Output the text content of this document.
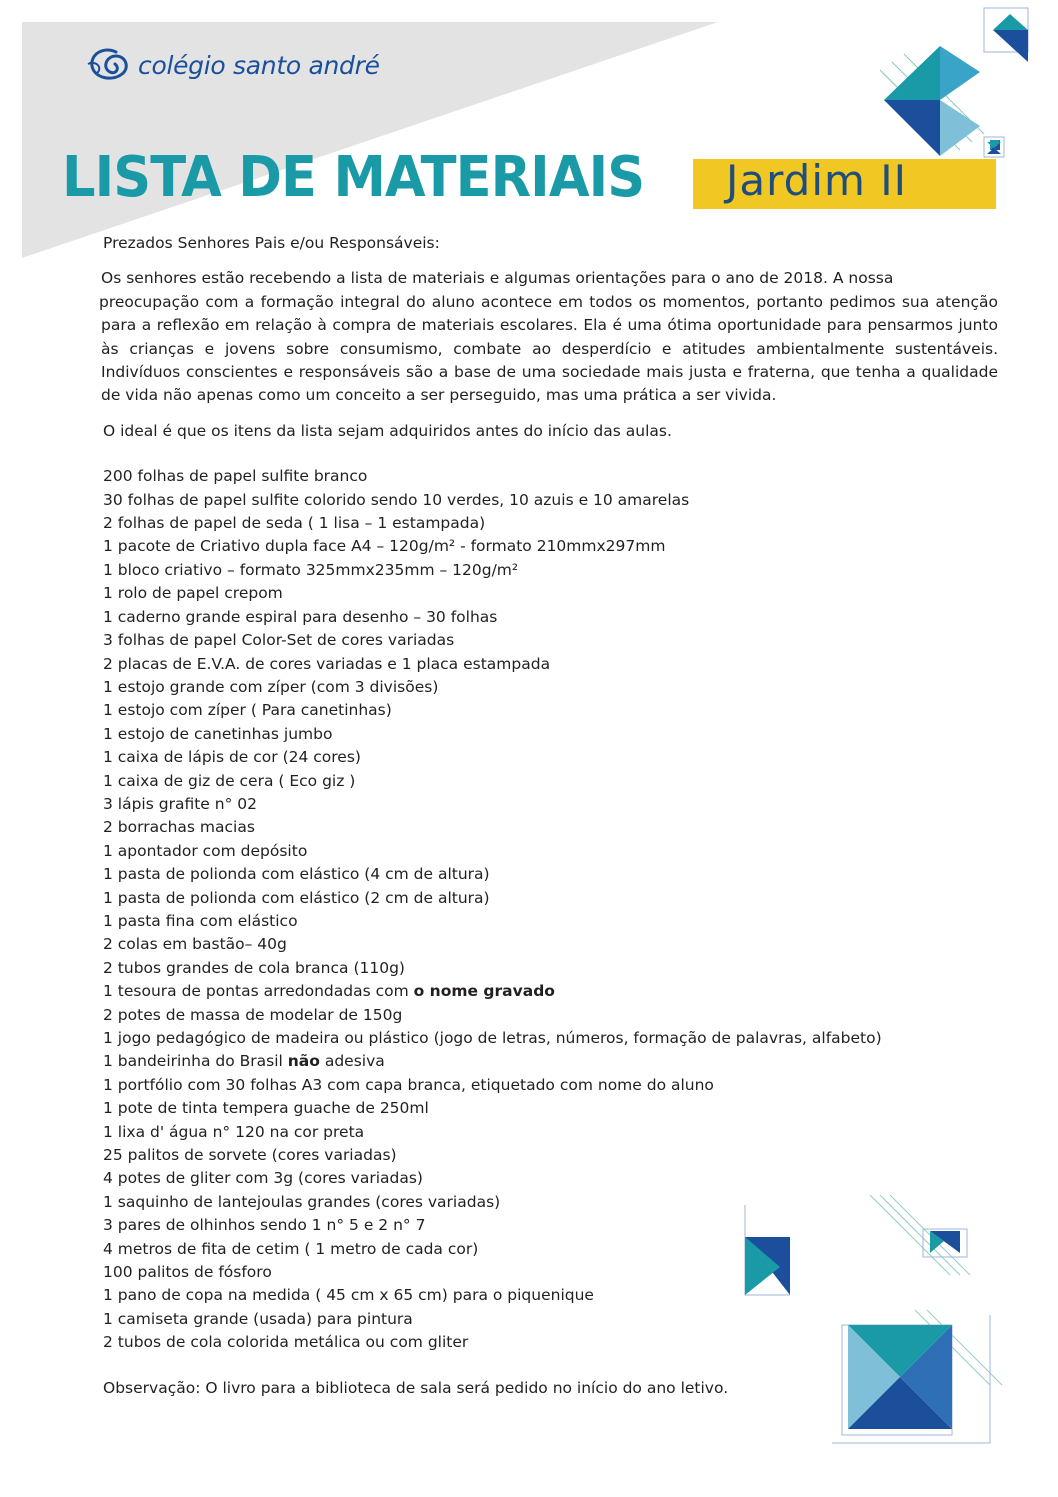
colégio santo andré
LISTA DE MATERIAIS Jardim II

Prezados Senhores Pais e/ou Responsáveis:

Os senhores estão recebendo a lista de materiais e algumas orientações para o ano de 2018. A nossa
preocupação com a formação integral do aluno acontece em todos os momentos, portanto pedimos sua atenção para a reflexão em relação à compra de materiais escolares. Ela é uma ótima oportunidade para pensarmos junto às crianças e jovens sobre consumismo, combate ao desperdício e atitudes ambientalmente sustentáveis. Indivíduos conscientes e responsáveis são a base de uma sociedade mais justa e fraterna, que tenha a qualidade de vida não apenas como um conceito a ser perseguido, mas uma prática a ser vivida.

O ideal é que os itens da lista sejam adquiridos antes do início das aulas.

200 folhas de papel sulfite branco
30 folhas de papel sulfite colorido sendo 10 verdes, 10 azuis e 10 amarelas
2 folhas de papel de seda ( 1 lisa – 1 estampada)
1 pacote de Criativo dupla face A4 – 120g/m² - formato 210mmx297mm
1 bloco criativo – formato 325mmx235mm – 120g/m²
1 rolo de papel crepom
1 caderno grande espiral para desenho – 30 folhas
3 folhas de papel Color-Set de cores variadas
2 placas de E.V.A. de cores variadas e 1 placa estampada
1 estojo grande com zíper (com 3 divisões)
1 estojo com zíper ( Para canetinhas)
1 estojo de canetinhas jumbo
1 caixa de lápis de cor (24 cores)
1 caixa de giz de cera ( Eco giz )
3 lápis grafite n° 02
2 borrachas macias
1 apontador com depósito
1 pasta de polionda com elástico (4 cm de altura)
1 pasta de polionda com elástico (2 cm de altura)
1 pasta fina com elástico
2 colas em bastão– 40g
2 tubos grandes de cola branca (110g)
1 tesoura de pontas arredondadas com o nome gravado
2 potes de massa de modelar de 150g
1 jogo pedagógico de madeira ou plástico (jogo de letras, números, formação de palavras, alfabeto)
1 bandeirinha do Brasil não adesiva
1 portfólio com 30 folhas A3 com capa branca, etiquetado com nome do aluno
1 pote de tinta tempera guache de 250ml
1 lixa d' água n° 120 na cor preta
25 palitos de sorvete (cores variadas)
4 potes de gliter com 3g (cores variadas)
1 saquinho de lantejoulas grandes (cores variadas)
3 pares de olhinhos sendo 1 n° 5 e 2 n° 7
4 metros de fita de cetim ( 1 metro de cada cor)
100 palitos de fósforo
1 pano de copa na medida ( 45 cm x 65 cm) para o piquenique
1 camiseta grande (usada) para pintura
2 tubos de cola colorida metálica ou com gliter

Observação: O livro para a biblioteca de sala será pedido no início do ano letivo.
